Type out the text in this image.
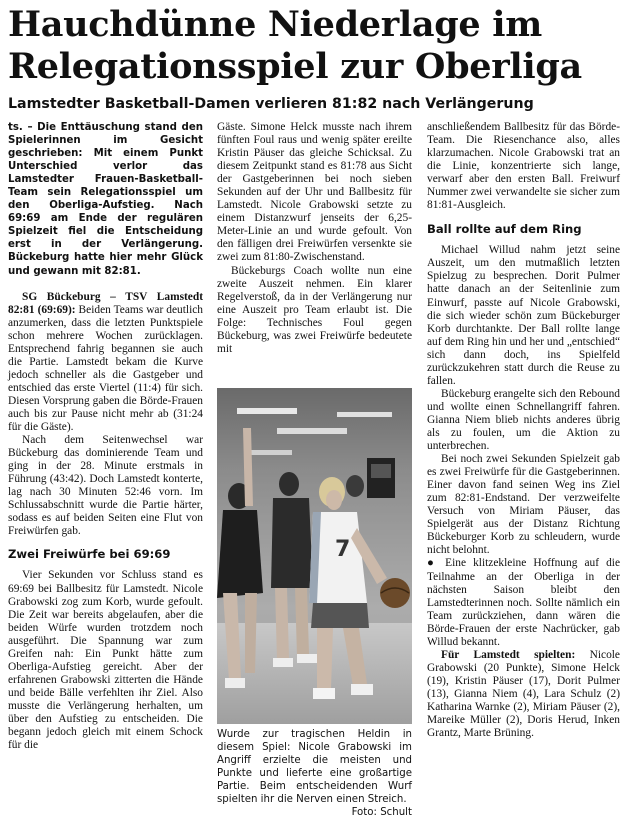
Hauchdünne Niederlage im
Relegationsspiel zur Oberliga
Lamstedter Basketball-Damen verlieren 81:82 nach Verlängerung

ts. – Die Enttäuschung stand den Spielerinnen im Gesicht geschrieben: Mit einem Punkt Unterschied verlor das Lamstedter Frauen-Basketball-Team sein Relegationsspiel um den Oberliga-Aufstieg. Nach 69:69 am Ende der regulären Spielzeit fiel die Entscheidung erst in der Verlängerung. Bückeburg hatte hier mehr Glück und gewann mit 82:81.

SG Bückeburg – TSV Lamstedt 82:81 (69:69): Beiden Teams war deutlich anzumerken, dass die letzten Punktspiele schon mehrere Wochen zurücklagen. Entsprechend fahrig begannen sie auch die Partie. Lamstedt bekam die Kurve jedoch schneller als die Gastgeber und entschied das erste Viertel (11:4) für sich. Diesen Vorsprung gaben die Börde-Frauen auch bis zur Pause nicht mehr ab (31:24 für die Gäste).

Nach dem Seitenwechsel war Bückeburg das dominierende Team und ging in der 28. Minute erstmals in Führung (43:42). Doch Lamstedt konterte, lag nach 30 Minuten 52:46 vorn. Im Schlussabschnitt wurde die Partie härter, sodass es auf beiden Seiten eine Flut von Freiwürfen gab.

Zwei Freiwürfe bei 69:69

Vier Sekunden vor Schluss stand es 69:69 bei Ballbesitz für Lamstedt. Nicole Grabowski zog zum Korb, wurde gefoult. Die Zeit war bereits abgelaufen, aber die beiden Würfe wurden trotzdem noch ausgeführt. Die Spannung war zum Greifen nah: Ein Punkt hätte zum Oberliga-Aufstieg gereicht. Aber der erfahrenen Grabowski zitterten die Hände und beide Bälle verfehlten ihr Ziel. Also musste die Verlängerung herhalten, um über den Aufstieg zu entscheiden. Die begann jedoch gleich mit einem Schock für die

Gäste. Simone Helck musste nach ihrem fünften Foul raus und wenig später ereilte Kristin Päuser das gleiche Schicksal. Zu diesem Zeitpunkt stand es 81:78 aus Sicht der Gastgeberinnen bei noch sieben Sekunden auf der Uhr und Ballbesitz für Lamstedt. Nicole Grabowski setzte zu einem Distanzwurf jenseits der 6,25-Meter-Linie an und wurde gefoult. Von den fälligen drei Freiwürfen versenkte sie zwei zum 81:80-Zwischenstand.

Bückeburgs Coach wollte nun eine zweite Auszeit nehmen. Ein klarer Regelverstoß, da in der Verlängerung nur eine Auszeit pro Team erlaubt ist. Die Folge: Technisches Foul gegen Bückeburg, was zwei Freiwürfe bedeutete mit

7

Wurde zur tragischen Heldin in diesem Spiel: Nicole Grabowski im Angriff erzielte die meisten und Punkte und lieferte eine großartige Partie. Beim entscheidenden Wurf spielten ihr die Nerven einen Streich.
Foto: Schult

anschließendem Ballbesitz für das Börde-Team. Die Riesenchance also, alles klarzumachen. Nicole Grabowski trat an die Linie, konzentrierte sich lange, verwarf aber den ersten Ball. Freiwurf Nummer zwei verwandelte sie sicher zum 81:81-Ausgleich.

Ball rollte auf dem Ring

Michael Willud nahm jetzt seine Auszeit, um den mutmaßlich letzten Spielzug zu besprechen. Dorit Pulmer hatte danach an der Seitenlinie zum Einwurf, passte auf Nicole Grabowski, die sich wieder schön zum Bückeburger Korb durchtankte. Der Ball rollte lange auf dem Ring hin und her und „entschied“ sich dann doch, ins Spielfeld zurückzukehren statt durch die Reuse zu fallen.

Bückeburg erangelte sich den Rebound und wollte einen Schnellangriff fahren. Gianna Niem blieb nichts anderes übrig als zu foulen, um die Aktion zu unterbrechen.

Bei noch zwei Sekunden Spielzeit gab es zwei Freiwürfe für die Gastgeberinnen. Einer davon fand seinen Weg ins Ziel zum 82:81-Endstand. Der verzweifelte Versuch von Miriam Päuser, das Spielgerät aus der Distanz Richtung Bückeburger Korb zu schleudern, wurde nicht belohnt.

● Eine klitzekleine Hoffnung auf die Teilnahme an der Oberliga in der nächsten Saison bleibt den Lamstedterinnen noch. Sollte nämlich ein Team zurückziehen, dann wären die Börde-Frauen der erste Nachrücker, gab Willud bekannt.

Für Lamstedt spielten: Nicole Grabowski (20 Punkte), Simone Helck (19), Kristin Päuser (17), Dorit Pulmer (13), Gianna Niem (4), Lara Schulz (2) Katharina Warnke (2), Miriam Päuser (2), Mareike Müller (2), Doris Herud, Inken Grantz, Marte Brüning.
